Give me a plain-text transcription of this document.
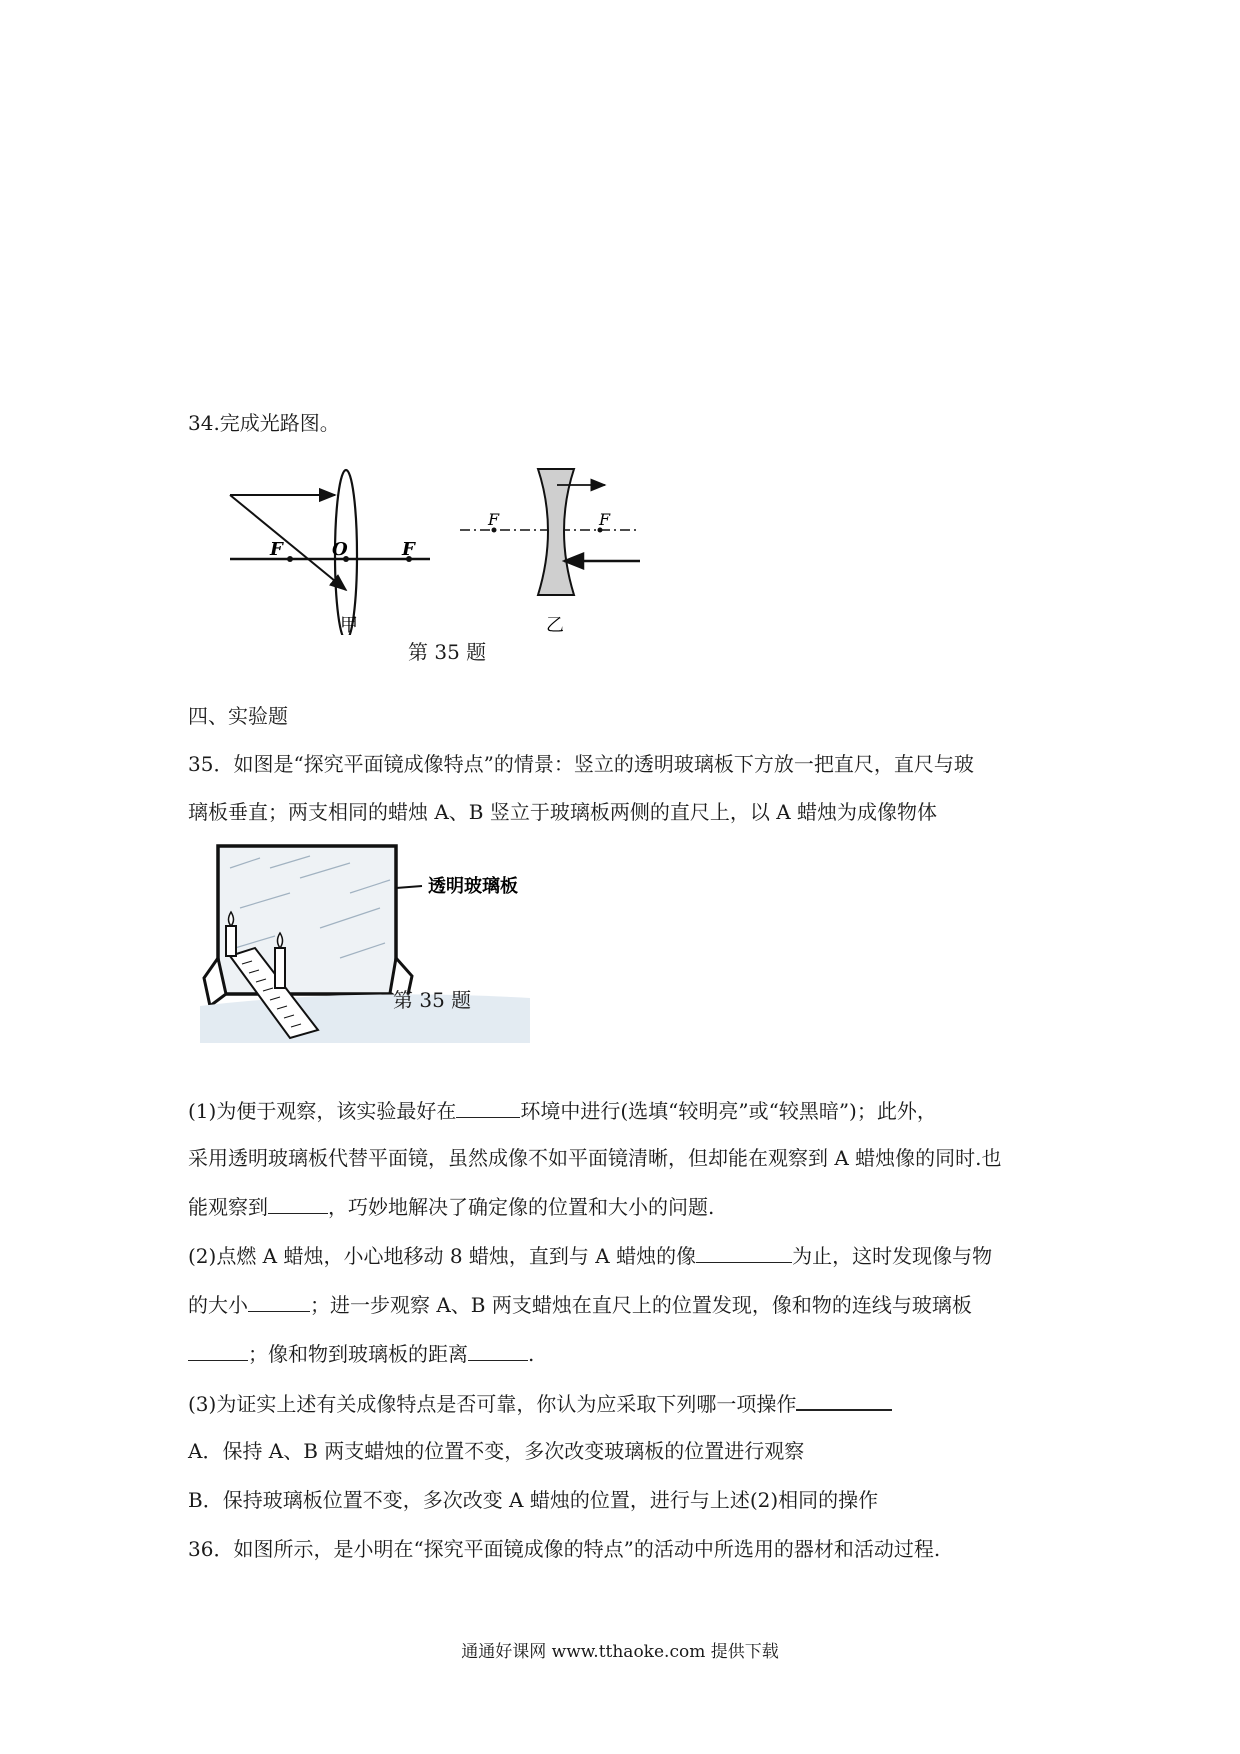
34.完成光路图。
F	O	F
甲
F	F
乙
第 35 题
四、实验题
35．如图是“探究平面镜成像特点”的情景：竖立的透明玻璃板下方放一把直尺，直尺与玻
璃板垂直；两支相同的蜡烛 A、B 竖立于玻璃板两侧的直尺上，以 A 蜡烛为成像物体
透明玻璃板
第 35 题
(1)为便于观察，该实验最好在	环境中进行(选填“较明亮”或“较黑暗”)；此外，
采用透明玻璃板代替平面镜，虽然成像不如平面镜清晰，但却能在观察到 A 蜡烛像的同时.也
能观察到	，巧妙地解决了确定像的位置和大小的问题.
(2)点燃 A 蜡烛，小心地移动 8 蜡烛，直到与 A 蜡烛的像	为止，这时发现像与物
的大小	；进一步观察 A、B 两支蜡烛在直尺上的位置发现，像和物的连线与玻璃板
；像和物到玻璃板的距离	.
(3)为证实上述有关成像特点是否可靠，你认为应采取下列哪一项操作
A．保持 A、B 两支蜡烛的位置不变，多次改变玻璃板的位置进行观察
B．保持玻璃板位置不变，多次改变 A 蜡烛的位置，进行与上述(2)相同的操作
36．如图所示，是小明在“探究平面镜成像的特点”的活动中所选用的器材和活动过程.
通通好课网 www.tthaoke.com 提供下载
